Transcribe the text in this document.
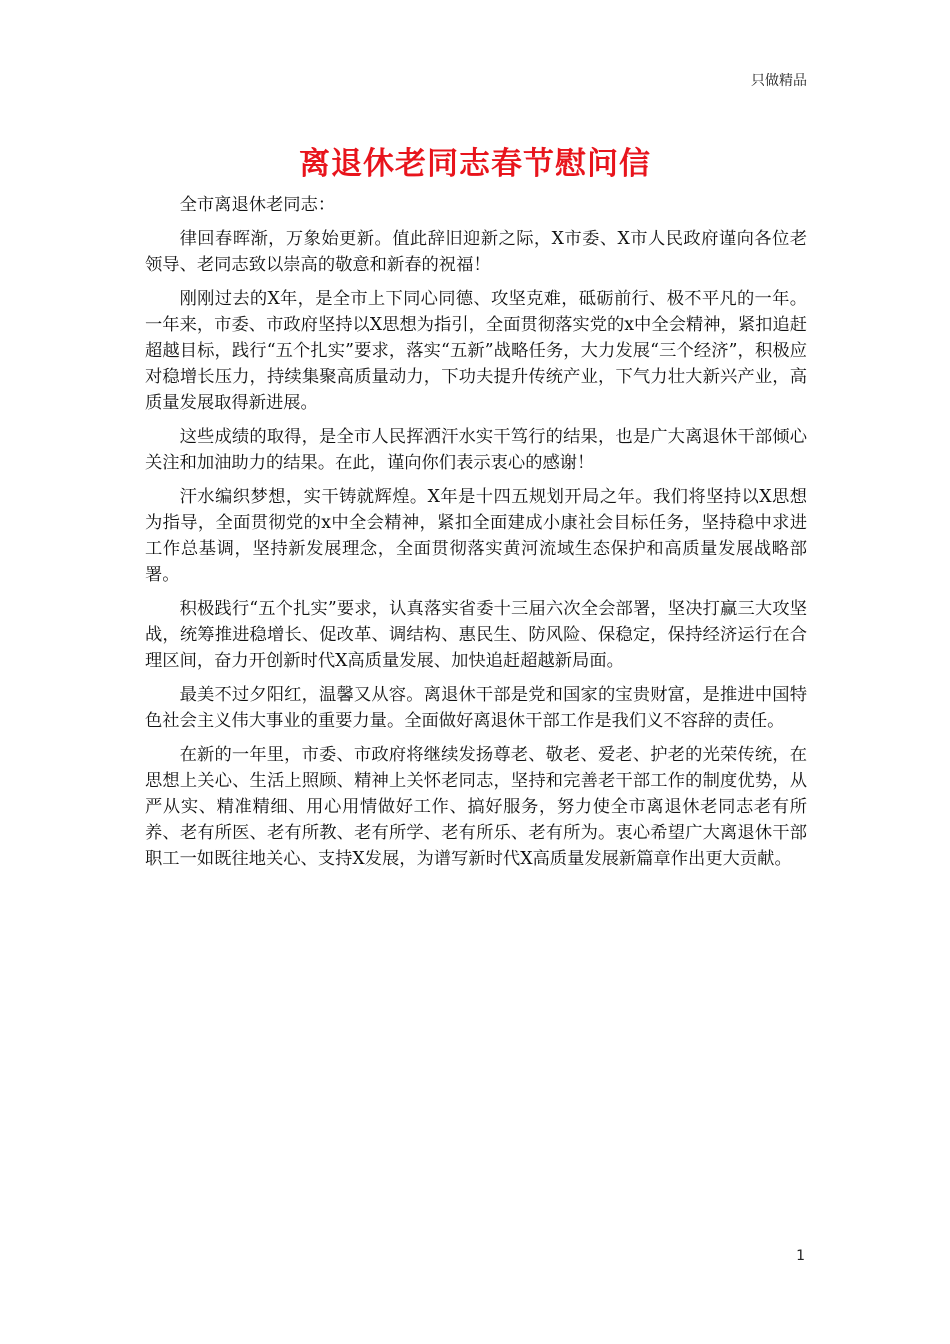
只做精品
离退休老同志春节慰问信

全市离退休老同志：

律回春晖渐，万象始更新。值此辞旧迎新之际，X市委、X市人民政府谨向各位老领导、老同志致以崇高的敬意和新春的祝福！

刚刚过去的X年，是全市上下同心同德、攻坚克难，砥砺前行、极不平凡的一年。一年来，市委、市政府坚持以X思想为指引，全面贯彻落实党的x中全会精神，紧扣追赶超越目标，践行“五个扎实”要求，落实“五新”战略任务，大力发展“三个经济”，积极应对稳增长压力，持续集聚高质量动力，下功夫提升传统产业，下气力壮大新兴产业，高质量发展取得新进展。

这些成绩的取得，是全市人民挥洒汗水实干笃行的结果，也是广大离退休干部倾心关注和加油助力的结果。在此，谨向你们表示衷心的感谢！

汗水编织梦想，实干铸就辉煌。X年是十四五规划开局之年。我们将坚持以X思想为指导，全面贯彻党的x中全会精神，紧扣全面建成小康社会目标任务，坚持稳中求进工作总基调，坚持新发展理念，全面贯彻落实黄河流域生态保护和高质量发展战略部署。

积极践行“五个扎实”要求，认真落实省委十三届六次全会部署，坚决打赢三大攻坚战，统筹推进稳增长、促改革、调结构、惠民生、防风险、保稳定，保持经济运行在合理区间，奋力开创新时代X高质量发展、加快追赶超越新局面。

最美不过夕阳红，温馨又从容。离退休干部是党和国家的宝贵财富，是推进中国特色社会主义伟大事业的重要力量。全面做好离退休干部工作是我们义不容辞的责任。

在新的一年里，市委、市政府将继续发扬尊老、敬老、爱老、护老的光荣传统，在思想上关心、生活上照顾、精神上关怀老同志，坚持和完善老干部工作的制度优势，从严从实、精准精细、用心用情做好工作、搞好服务，努力使全市离退休老同志老有所养、老有所医、老有所教、老有所学、老有所乐、老有所为。衷心希望广大离退休干部职工一如既往地关心、支持X发展，为谱写新时代X高质量发展新篇章作出更大贡献。

1
